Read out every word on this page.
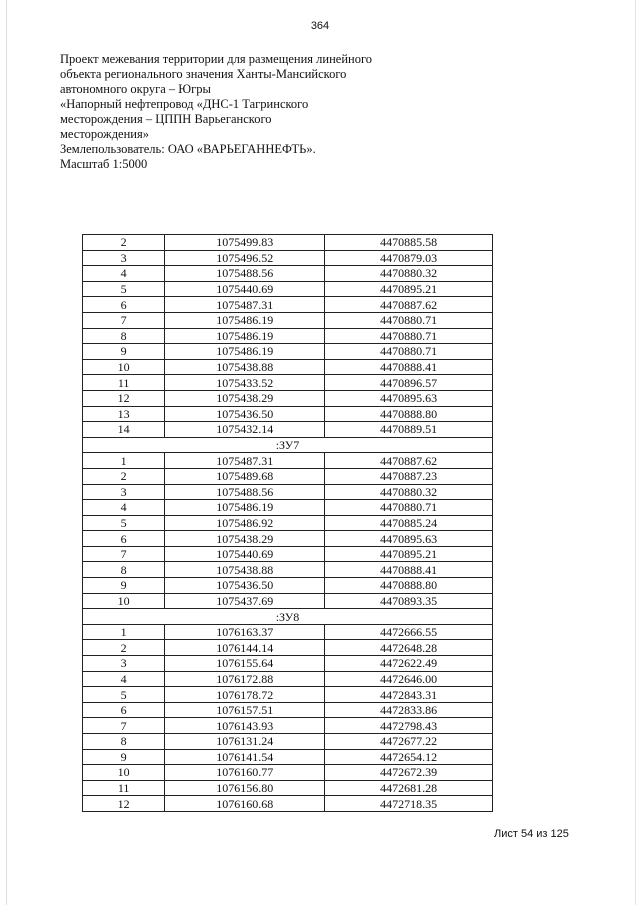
364
Проект межевания территории для размещения линейного
объекта регионального значения Ханты-Мансийского
автономного округа – Югры
«Напорный нефтепровод «ДНС-1 Тагринского
месторождения – ЦППН Варьеганского
месторождения»
Землепользователь: ОАО «ВАРЬЕГАННЕФТЬ».
Масштаб 1:5000
2	1075499.83	4470885.58
3	1075496.52	4470879.03
4	1075488.56	4470880.32
5	1075440.69	4470895.21
6	1075487.31	4470887.62
7	1075486.19	4470880.71
8	1075486.19	4470880.71
9	1075486.19	4470880.71
10	1075438.88	4470888.41
11	1075433.52	4470896.57
12	1075438.29	4470895.63
13	1075436.50	4470888.80
14	1075432.14	4470889.51
:ЗУ7		
1	1075487.31	4470887.62
2	1075489.68	4470887.23
3	1075488.56	4470880.32
4	1075486.19	4470880.71
5	1075486.92	4470885.24
6	1075438.29	4470895.63
7	1075440.69	4470895.21
8	1075438.88	4470888.41
9	1075436.50	4470888.80
10	1075437.69	4470893.35
:ЗУ8		
1	1076163.37	4472666.55
2	1076144.14	4472648.28
3	1076155.64	4472622.49
4	1076172.88	4472646.00
5	1076178.72	4472843.31
6	1076157.51	4472833.86
7	1076143.93	4472798.43
8	1076131.24	4472677.22
9	1076141.54	4472654.12
10	1076160.77	4472672.39
11	1076156.80	4472681.28
12	1076160.68	4472718.35
Лист 54 из 125
